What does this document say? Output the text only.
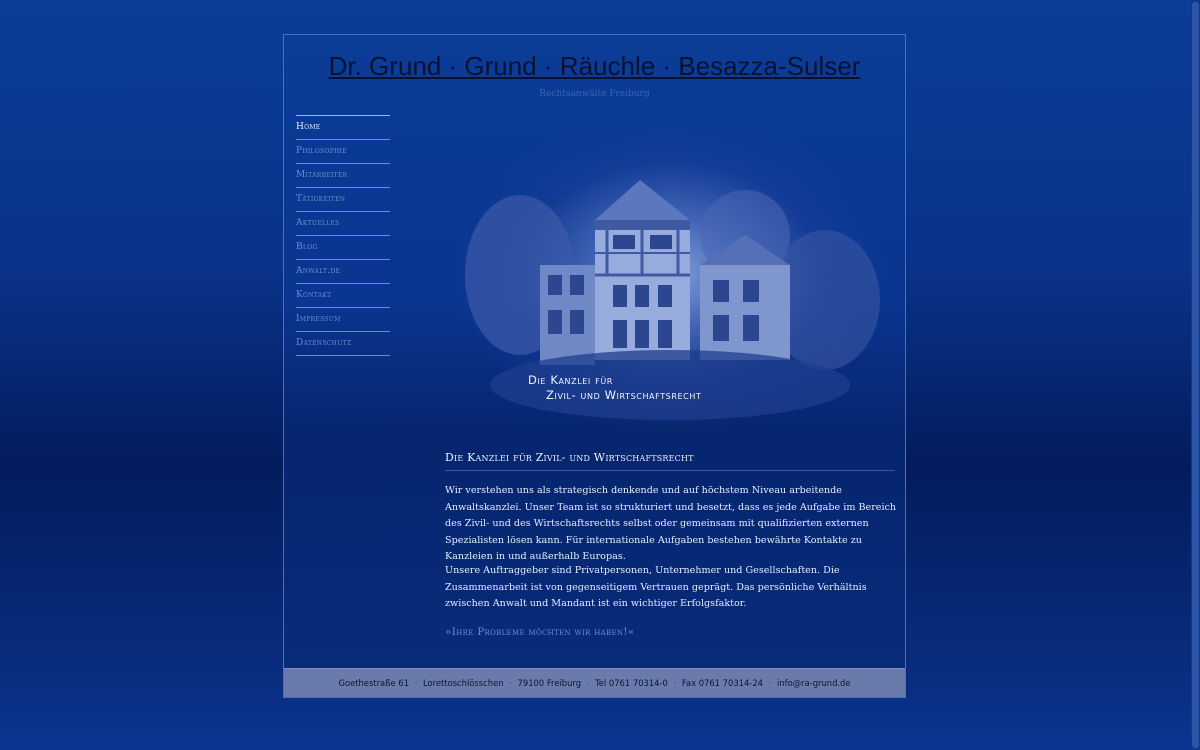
Dr. Grund · Grund · Räuchle · Besazza-Sulser
Rechtsanwälte Freiburg
Home
Philosophie
Mitarbeiter
Tätigkeiten
Aktuelles
Blog
Anwalt.de
Kontakt
Impressum
Datenschutz
Die Kanzlei für
Zivil- und Wirtschaftsrecht
Die Kanzlei für Zivil- und Wirtschaftsrecht

Wir verstehen uns als strategisch denkende und auf höchstem Niveau arbeitende Anwaltskanzlei. Unser Team ist so strukturiert und besetzt, dass es jede Aufgabe im Bereich des Zivil- und des Wirtschaftsrechts selbst oder gemeinsam mit qualifizierten externen Spezialisten lösen kann. Für internationale Aufgaben bestehen bewährte Kontakte zu Kanzleien in und außerhalb Europas.

Unsere Auftraggeber sind Privatpersonen, Unternehmer und Gesellschaften. Die Zusammenarbeit ist von gegenseitigem Vertrauen geprägt. Das persönliche Verhältnis zwischen Anwalt und Mandant ist ein wichtiger Erfolgsfaktor.

»Ihre Probleme möchten wir haben!«
Goethestraße 61 · Lorettoschlösschen · 79100 Freiburg · Tel 0761 70314-0 · Fax 0761 70314-24 · info@ra-grund.de
